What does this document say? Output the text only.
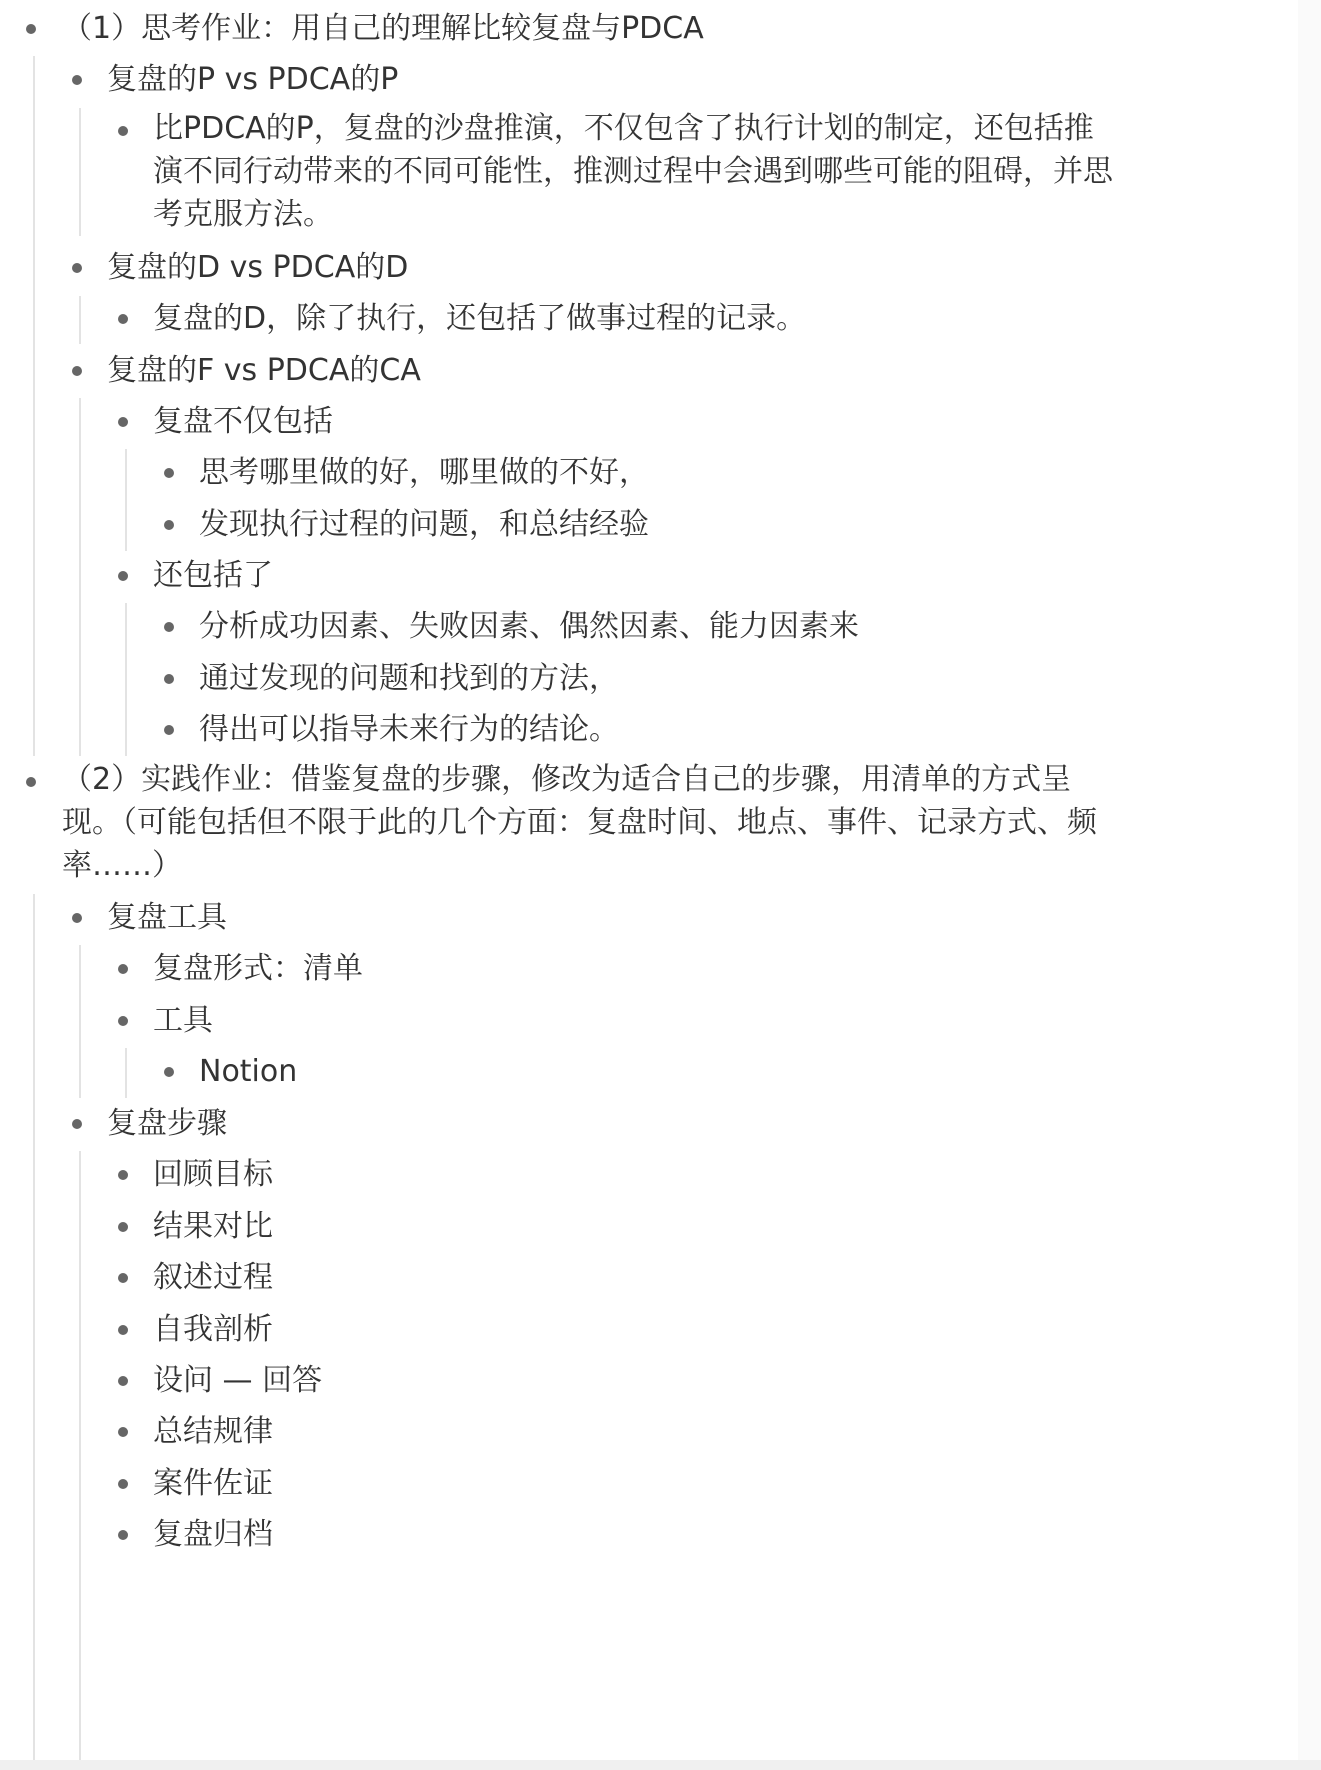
（1）思考作业：用自己的理解比较复盘与PDCA
复盘的P vs PDCA的P
比PDCA的P，复盘的沙盘推演，不仅包含了执行计划的制定，还包括推演不同行动带来的不同可能性，推测过程中会遇到哪些可能的阻碍，并思考克服方法。
复盘的D vs PDCA的D
复盘的D，除了执行，还包括了做事过程的记录。
复盘的F vs PDCA的CA
复盘不仅包括
思考哪里做的好，哪里做的不好，
发现执行过程的问题，和总结经验
还包括了
分析成功因素、失败因素、偶然因素、能力因素来
通过发现的问题和找到的方法，
得出可以指导未来行为的结论。
（2）实践作业：借鉴复盘的步骤，修改为适合自己的步骤，用清单的方式呈现。（可能包括但不限于此的几个方面：复盘时间、地点、事件、记录方式、频率……）
复盘工具
复盘形式：清单
工具
Notion
复盘步骤
回顾目标
结果对比
叙述过程
自我剖析
设问 — 回答
总结规律
案件佐证
复盘归档
